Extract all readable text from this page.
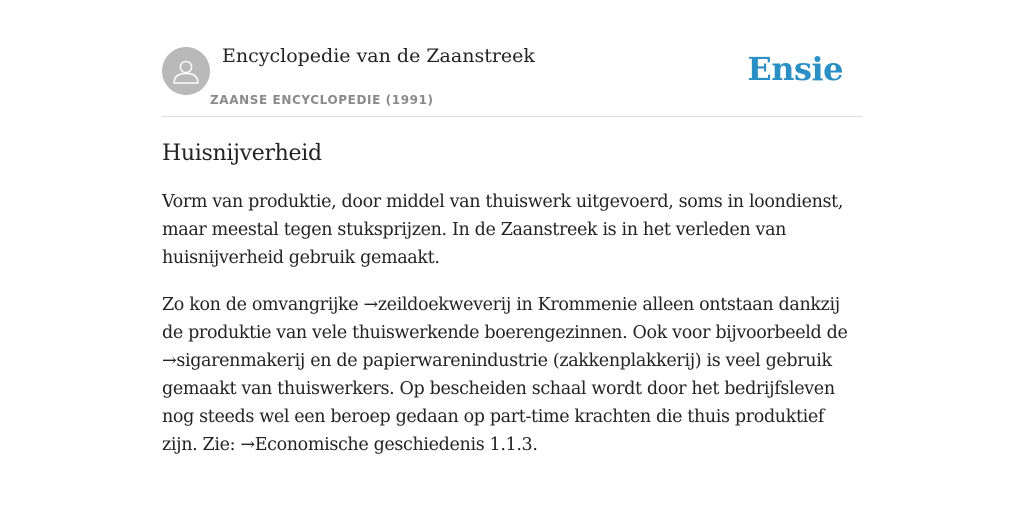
Encyclopedie van de Zaanstreek
ZAANSE ENCYCLOPEDIE (1991)
Ensie
Huisnijverheid

Vorm van produktie, door middel van thuiswerk uitgevoerd, soms in loondienst, maar meestal tegen stuksprijzen. In de Zaanstreek is in het verleden van huisnijverheid gebruik gemaakt.

Zo kon de omvangrijke →zeildoekweverij in Krommenie alleen ontstaan dankzij de produktie van vele thuiswerkende boerengezinnen. Ook voor bijvoorbeeld de →sigarenmakerij en de papierwarenindustrie (zakkenplakkerij) is veel gebruik gemaakt van thuiswerkers. Op bescheiden schaal wordt door het bedrijfsleven nog steeds wel een beroep gedaan op part-time krachten die thuis produktief zijn. Zie: →Economische geschiedenis 1.1.3.
